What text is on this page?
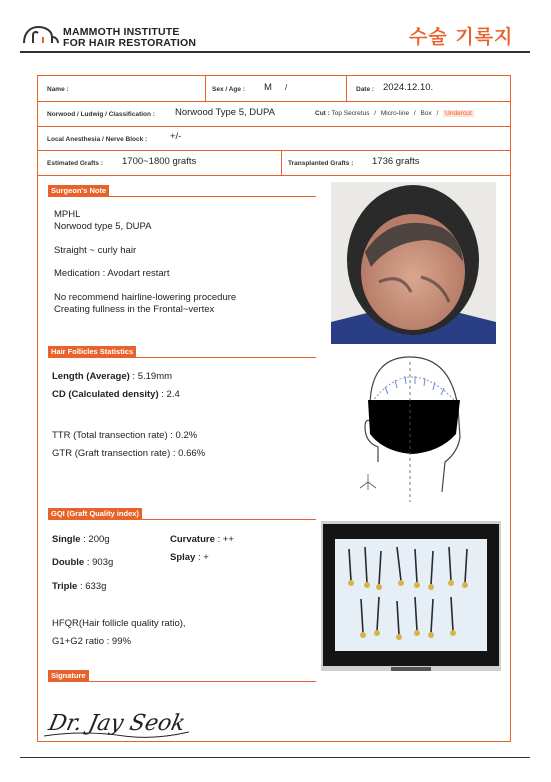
MAMMOTH INSTITUTE
FOR HAIR RESTORATION	수술 기록지
Name :	Sex / Age : M /	Date : 2024.12.10.
Norwood / Ludwig / Classification : Norwood Type 5, DUPA	Cut : Top Secretus / Micro-line / Box / Undercut
Local Anesthesia / Nerve Block : +/-
Estimated Grafts : 1700~1800 grafts	Transplanted Grafts : 1736 grafts
Surgeon's Note
MPHL
Norwood type 5, DUPA
Straight ~ curly hair
Medication : Avodart restart
No recommend hairline-lowering procedure
Creating fullness in the Frontal~vertex
Hair Follicles Statistics
Length (Average) : 5.19mm
CD (Calculated density) : 2.4
TTR (Total transection rate) : 0.2%
GTR (Graft transection rate) : 0.66%
GQI (Graft Quality index)
Single : 200g
Double : 903g
Triple : 633g
Curvature : ++
Splay : +
HFQR(Hair follicle quality ratio),
G1+G2 ratio : 99%
Signature
Dr. Jay Seok
